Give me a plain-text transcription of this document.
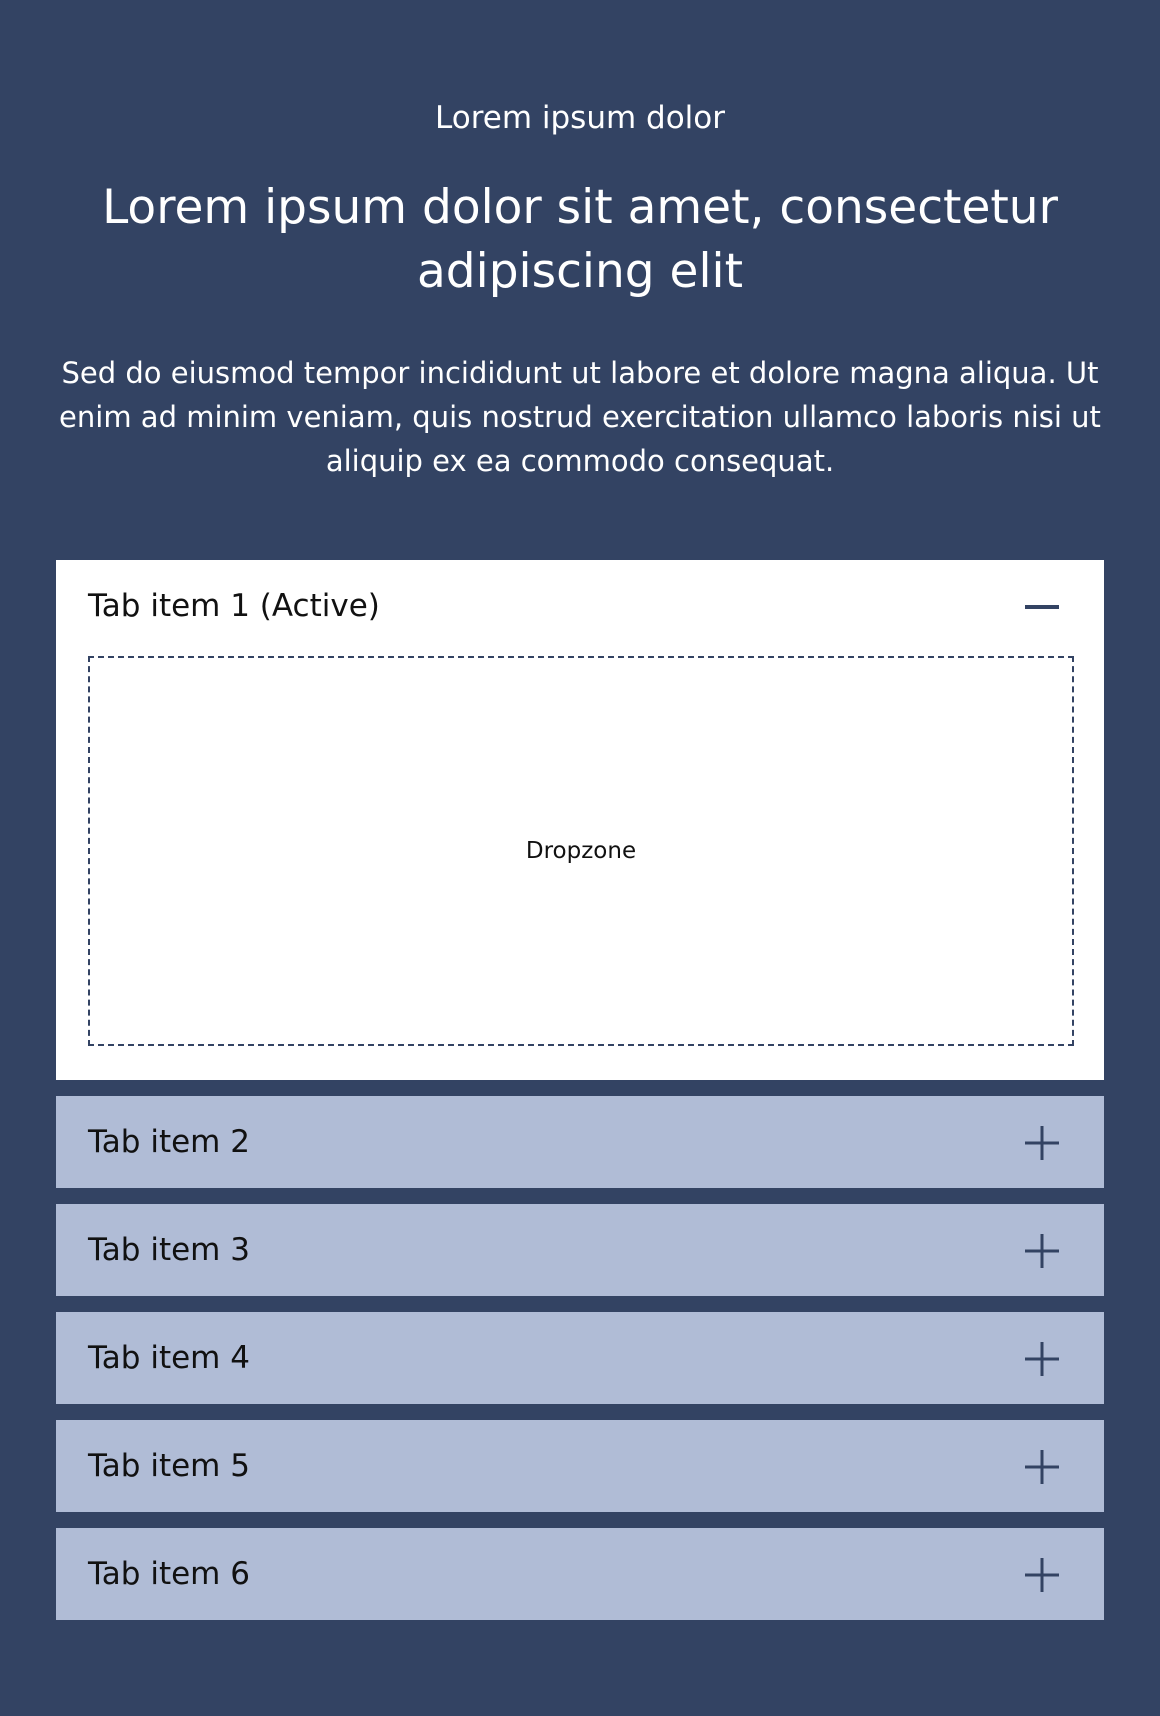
Lorem ipsum dolor

Lorem ipsum dolor sit amet, consectetur adipiscing elit

Sed do eiusmod tempor incididunt ut labore et dolore magna aliqua. Ut enim ad minim veniam, quis nostrud exercitation ullamco laboris nisi ut aliquip ex ea commodo consequat.

Tab item 1 (Active)
Dropzone
Tab item 2
Tab item 3
Tab item 4
Tab item 5
Tab item 6
